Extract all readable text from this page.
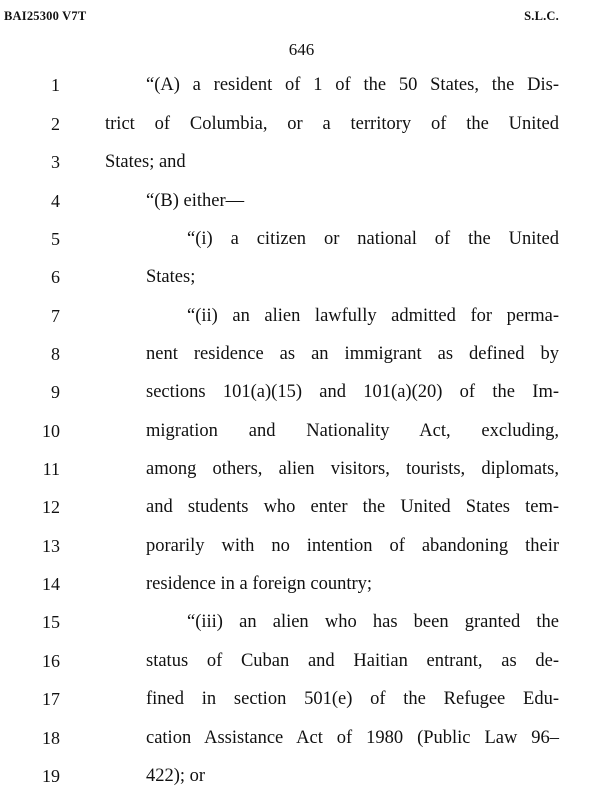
BAI25300 V7T	S.L.C.
646
1
2
3
4
5
6
7
8
9
10
11
12
13
14
15
16
17
18
19
“(A) a resident of 1 of the 50 States, the Dis-
trict of Columbia, or a territory of the United
States; and
“(B) either—
“(i) a citizen or national of the United
States;
“(ii) an alien lawfully admitted for perma-
nent residence as an immigrant as defined by
sections 101(a)(15) and 101(a)(20) of the Im-
migration and Nationality Act, excluding,
among others, alien visitors, tourists, diplomats,
and students who enter the United States tem-
porarily with no intention of abandoning their
residence in a foreign country;
“(iii) an alien who has been granted the
status of Cuban and Haitian entrant, as de-
fined in section 501(e) of the Refugee Edu-
cation Assistance Act of 1980 (Public Law 96–
422); or
